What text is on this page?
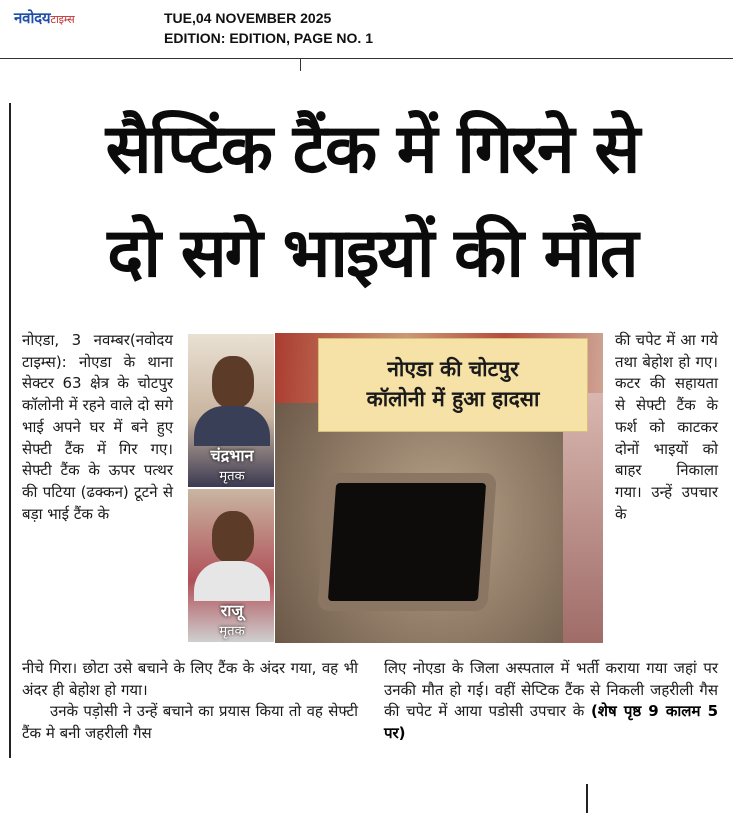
नवोदयटाइम्स	TUE,04 NOVEMBER 2025
EDITION: EDITION, PAGE NO. 1
सैप्टिंक टैंक में गिरने से
दो सगे भाइयों की मौत
नोएडा, 3 नवम्बर(नवोदय टाइम्स): नोएडा के थाना सेक्टर 63 क्षेत्र के चोटपुर कॉलोनी में रहने वाले दो सगे भाई अपने घर में बने हुए सेफ्टी टैंक में गिर गए। सेफ्टी टैंक के ऊपर पत्थर की पटिया (ढक्कन) टूटने से बड़ा भाई टैंक के
चंद्रभान
मृतक
राजू
मृतक
नोएडा की चोटपुर
कॉलोनी में हुआ हादसा
की चपेट में आ गये तथा बेहोश हो गए। कटर की सहायता से सेफ्टी टैंक के फर्श को काटकर दोनों भाइयों को बाहर निकाला गया। उन्हें उपचार के
नीचे गिरा। छोटा उसे बचाने के लिए टैंक के अंदर गया, वह भी अंदर ही बेहोश हो गया।
उनके पड़ोसी ने उन्हें बचाने का प्रयास किया तो वह सेफ्टी टैंक मे बनी जहरीली गैस
लिए नोएडा के जिला अस्पताल में भर्ती कराया गया जहां पर उनकी मौत हो गई। वहीं सेप्टिक टैंक से निकली जहरीली गैस की चपेट में आया पडोसी उपचार के (शेष पृष्ठ 9 कालम 5 पर)
